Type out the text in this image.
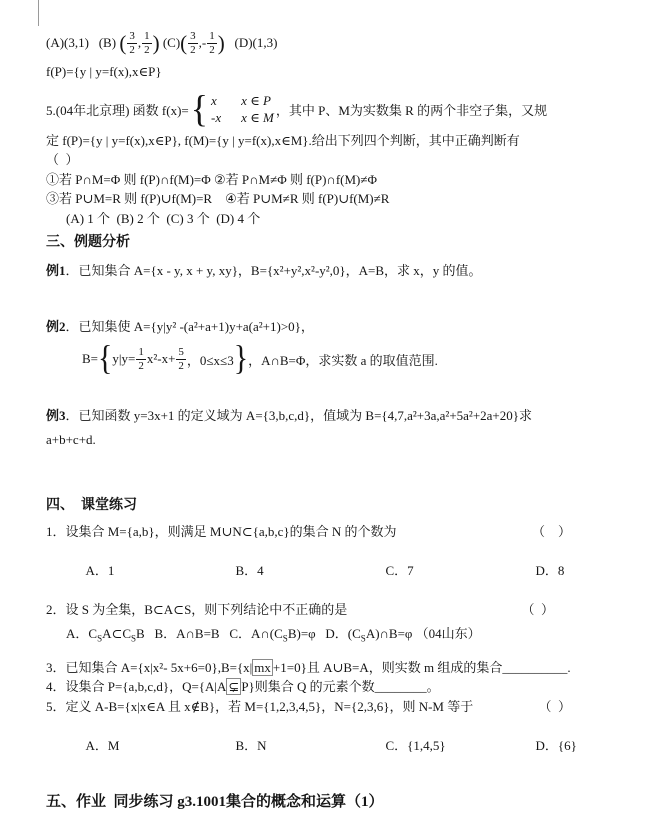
(A)(3,1) (B) ( $\frac{3}{2}$ , $\frac{1}{2}$ ) (C) ( $\frac{3}{2}$ ,- $\frac{1}{2}$ ) (D)(1,3)
f(P)={y | y=f(x),x∈P}
5.(04年北京理) 函数 f(x)= { x	x ∈ P
-x x ∈ M ，其中 P、M为实数集 R 的两个非空子集，又规
定 f(P)={y | y=f(x),x∈P}, f(M)={y | y=f(x),x∈M}.给出下列四个判断，其中正确判断有
（  ）
①若 P∩M=Φ 则 f(P)∩f(M)=Φ ②若 P∩M≠Φ 则 f(P)∩f(M)≠Φ
③若 P∪M=R 则 f(P)∪f(M)=R    ④若 P∪M≠R 则 f(P)∪f(M)≠R
(A) 1 个  (B) 2 个  (C) 3 个  (D) 4 个
三、例题分析
例1．已知集合 A={x - y, x + y, xy}，B={x²+y²,x²-y²,0}，A=B，求 x，y 的值。
例2．已知集使 A={y|y² -(a²+a+1)y+a(a²+1)>0}，
B= { $y|y= \frac{1}{2} x^2-x+ \frac{5}{2}$ ，0≤x≤3 } ，A∩B=Φ，求实数 a 的取值范围.
例3．已知函数 y=3x+1 的定义域为 A={3,b,c,d}，值域为 B={4,7,a²+3a,a²+5a²+2a+20}求
a+b+c+d.
四、　课堂练习
1．设集合 M={a,b}，则满足 M∪N⊂{a,b,c}的集合 N 的个数为	（    ）

A．1	B．4	C．7	D．8

2．设 S 为全集，B⊂A⊂S，则下列结论中不正确的是	（  ）
A．$C_SA\subset C_SB$   B．A∩B=B   C．$A\cap(C_SB)=\varphi$   D．$(C_SA)\cap B=\varphi$ （04山东）
3．已知集合 A={x|x²- 5x+6=0},B={x| mx +1=0}且 A∪B=A，则实数 m 组成的集合__________.
4．设集合 P={a,b,c,d}，Q={A|A ⊊ P}则集合 Q 的元素个数________。
5．定义 A-B={x|x∈A 且 x∉B}，若 M={1,2,3,4,5}，N={2,3,6}，则 N-M 等于	（  ）

A．M	B．N	C．{1,4,5}	D．{6}

五、作业  同步练习 g3.1001集合的概念和运算（1）
